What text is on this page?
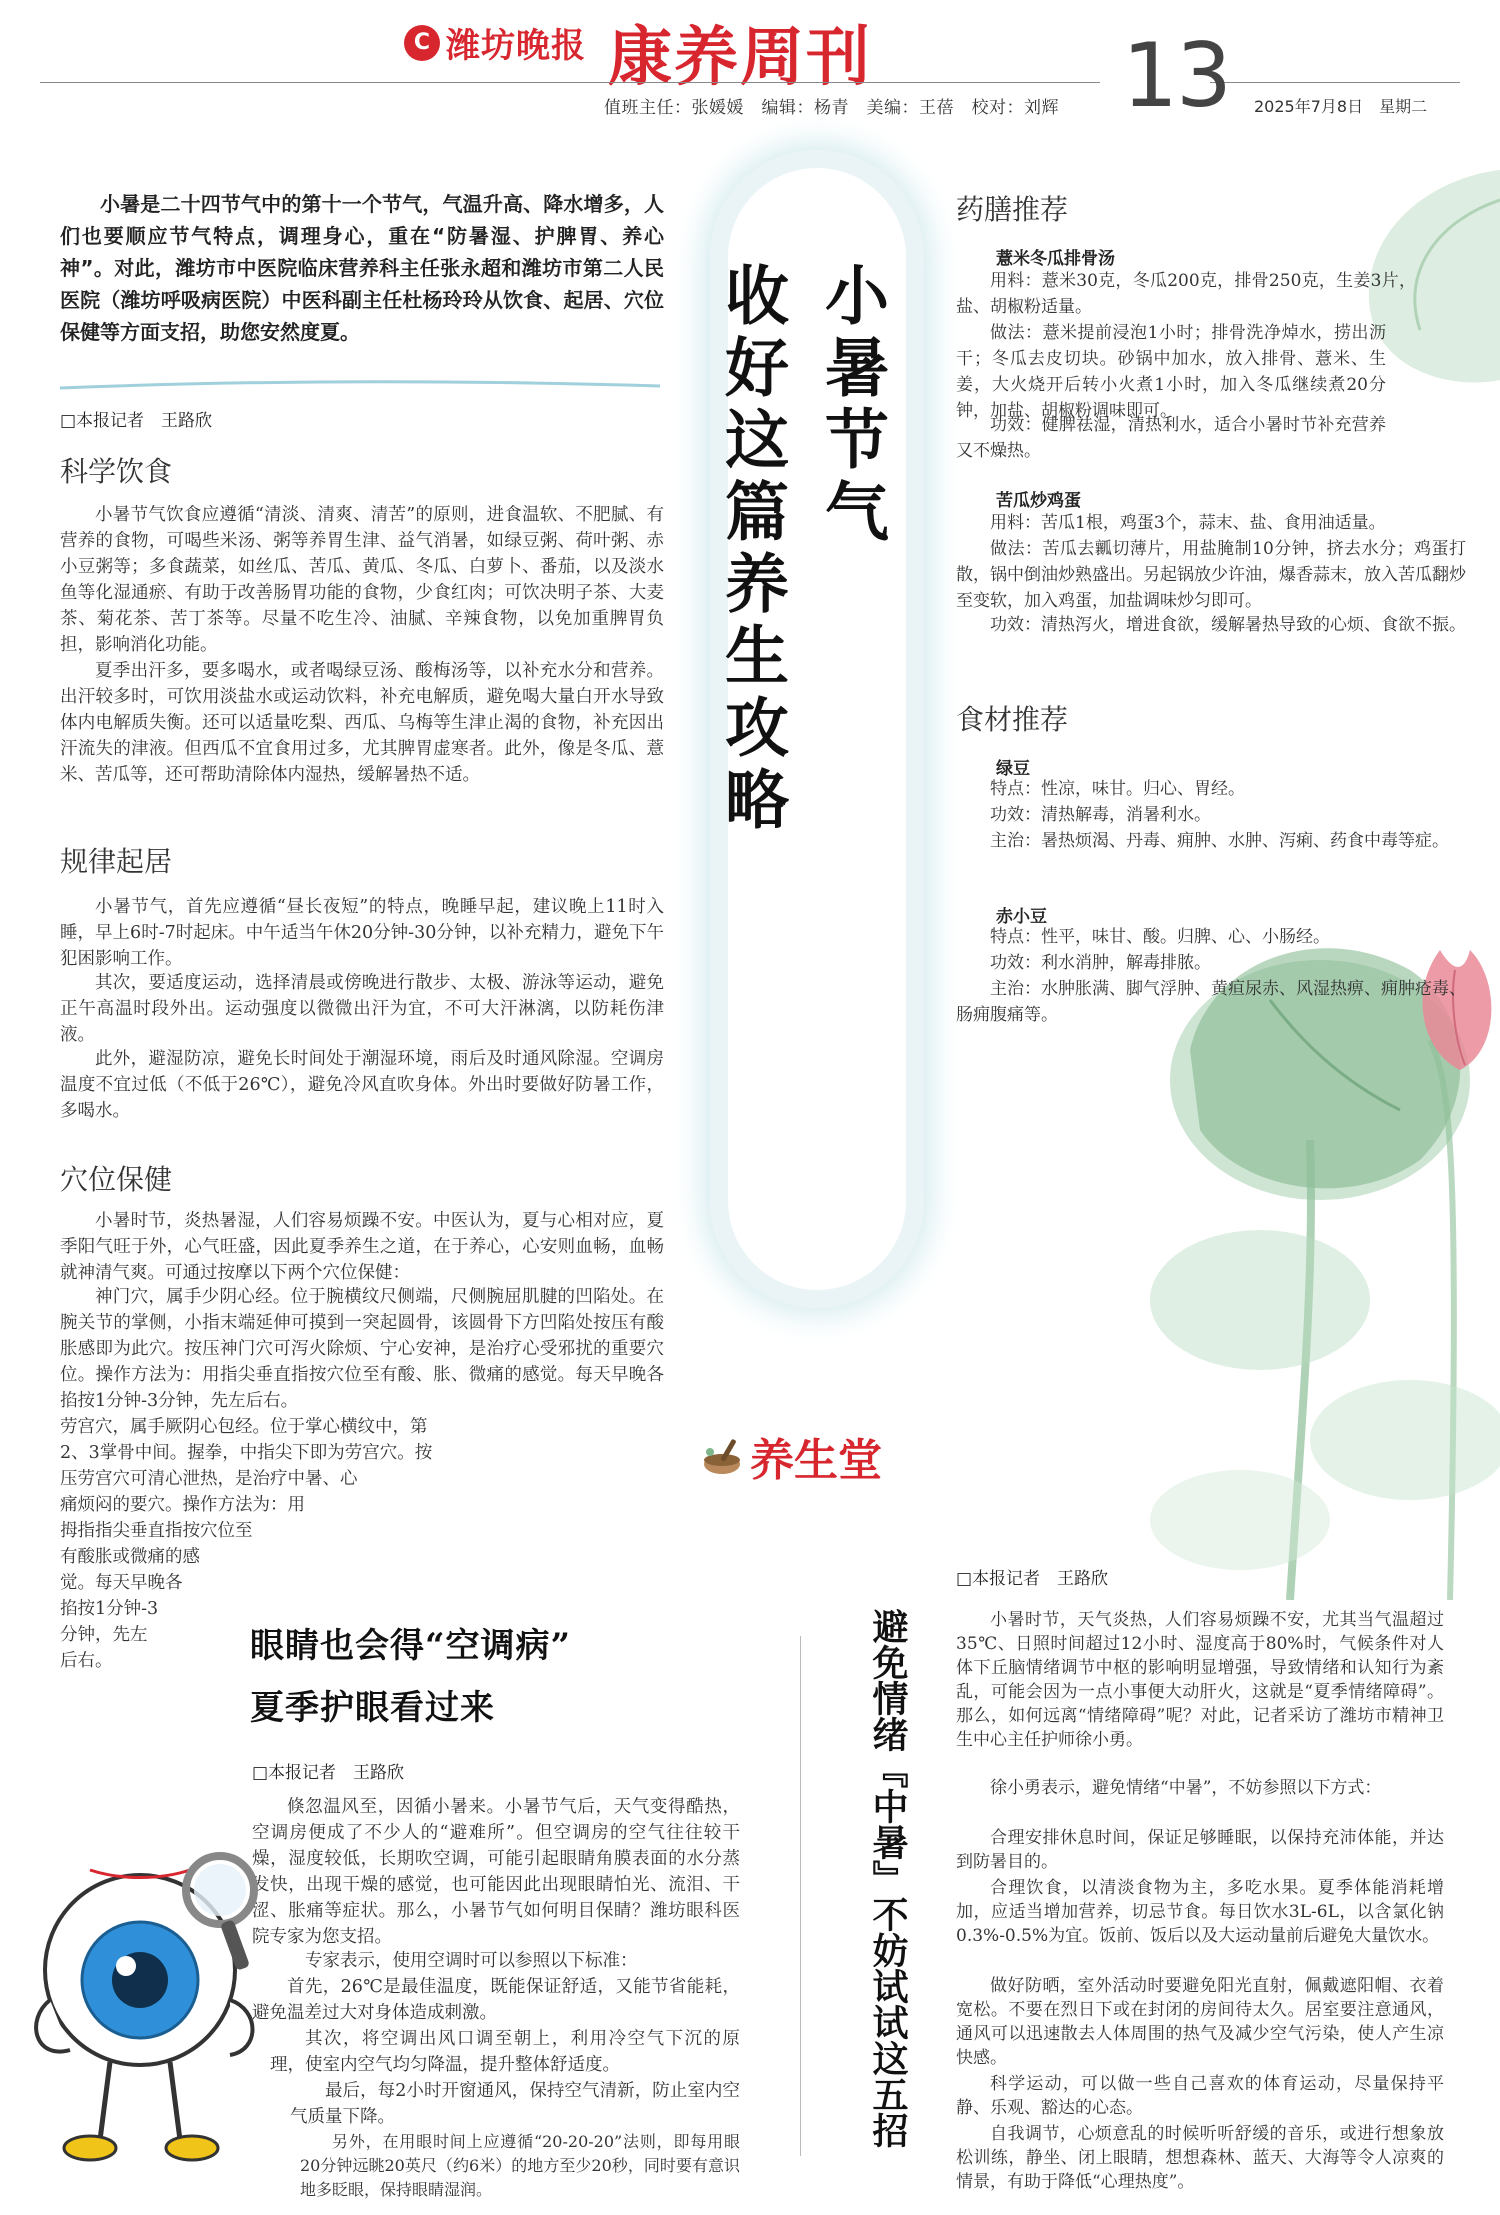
C 潍坊晚报 康养周刊
值班主任：张媛媛　编辑：杨青　美编：王蓓　校对：刘辉 13 2025年7月8日　星期二
小暑节气
收好这篇养生攻略
小暑是二十四节气中的第十一个节气，气温升高、降水增多，人们也要顺应节气特点，调理身心，重在“防暑湿、护脾胃、养心神”。对此，潍坊市中医院临床营养科主任张永超和潍坊市第二人民医院（潍坊呼吸病医院）中医科副主任杜杨玲玲从饮食、起居、穴位保健等方面支招，助您安然度夏。
□本报记者　王路欣
科学饮食
小暑节气饮食应遵循“清淡、清爽、清苦”的原则，进食温软、不肥腻、有营养的食物，可喝些米汤、粥等养胃生津、益气消暑，如绿豆粥、荷叶粥、赤小豆粥等；多食蔬菜，如丝瓜、苦瓜、黄瓜、冬瓜、白萝卜、番茄，以及淡水鱼等化湿通瘀、有助于改善肠胃功能的食物，少食红肉；可饮决明子茶、大麦茶、菊花茶、苦丁茶等。尽量不吃生冷、油腻、辛辣食物，以免加重脾胃负担，影响消化功能。
夏季出汗多，要多喝水，或者喝绿豆汤、酸梅汤等，以补充水分和营养。出汗较多时，可饮用淡盐水或运动饮料，补充电解质，避免喝大量白开水导致体内电解质失衡。还可以适量吃梨、西瓜、乌梅等生津止渴的食物，补充因出汗流失的津液。但西瓜不宜食用过多，尤其脾胃虚寒者。此外，像是冬瓜、薏米、苦瓜等，还可帮助清除体内湿热，缓解暑热不适。
规律起居
小暑节气，首先应遵循“昼长夜短”的特点，晚睡早起，建议晚上11时入睡，早上6时-7时起床。中午适当午休20分钟-30分钟，以补充精力，避免下午犯困影响工作。
其次，要适度运动，选择清晨或傍晚进行散步、太极、游泳等运动，避免正午高温时段外出。运动强度以微微出汗为宜，不可大汗淋漓，以防耗伤津液。
此外，避湿防凉，避免长时间处于潮湿环境，雨后及时通风除湿。空调房温度不宜过低（不低于26℃），避免冷风直吹身体。外出时要做好防暑工作，多喝水。
穴位保健
小暑时节，炎热暑湿，人们容易烦躁不安。中医认为，夏与心相对应，夏季阳气旺于外，心气旺盛，因此夏季养生之道，在于养心，心安则血畅，血畅就神清气爽。可通过按摩以下两个穴位保健：
神门穴，属手少阴心经。位于腕横纹尺侧端，尺侧腕屈肌腱的凹陷处。在腕关节的掌侧，小指末端延伸可摸到一突起圆骨，该圆骨下方凹陷处按压有酸胀感即为此穴。按压神门穴可泻火除烦、宁心安神，是治疗心受邪扰的重要穴位。操作方法为：用指尖垂直指按穴位至有酸、胀、微痛的感觉。每天早晚各掐按1分钟-3分钟，先左后右。
劳宫穴，属手厥阴心包经。位于掌心横纹中，第
2、3掌骨中间。握拳，中指尖下即为劳宫穴。按
压劳宫穴可清心泄热，是治疗中暑、心
痛烦闷的要穴。操作方法为：用
拇指指尖垂直指按穴位至
有酸胀或微痛的感
觉。每天早晚各
掐按1分钟-3
分钟，先左
后右。
药膳推荐
薏米冬瓜排骨汤
用料：薏米30克，冬瓜200克，排骨250克，生姜3片，盐、胡椒粉适量。
做法：薏米提前浸泡1小时；排骨洗净焯水，捞出沥干；冬瓜去皮切块。砂锅中加水，放入排骨、薏米、生姜，大火烧开后转小火煮1小时，加入冬瓜继续煮20分钟，加盐、胡椒粉调味即可。
功效：健脾祛湿，清热利水，适合小暑时节补充营养又不燥热。
苦瓜炒鸡蛋
用料：苦瓜1根，鸡蛋3个，蒜末、盐、食用油适量。
做法：苦瓜去瓤切薄片，用盐腌制10分钟，挤去水分；鸡蛋打散，锅中倒油炒熟盛出。另起锅放少许油，爆香蒜末，放入苦瓜翻炒至变软，加入鸡蛋，加盐调味炒匀即可。
功效：清热泻火，增进食欲，缓解暑热导致的心烦、食欲不振。
食材推荐
绿豆
特点：性凉，味甘。归心、胃经。
功效：清热解毒，消暑利水。
主治：暑热烦渴、丹毒、痈肿、水肿、泻痢、药食中毒等症。
赤小豆
特点：性平，味甘、酸。归脾、心、小肠经。
功效：利水消肿，解毒排脓。
主治：水肿胀满、脚气浮肿、黄疸尿赤、风湿热痹、痈肿疮毒、肠痈腹痛等。
养生堂
眼睛也会得“空调病”
夏季护眼看过来
□本报记者　王路欣
倏忽温风至，因循小暑来。小暑节气后，天气变得酷热，空调房便成了不少人的“避难所”。但空调房的空气往往较干燥，湿度较低，长期吹空调，可能引起眼睛角膜表面的水分蒸发快，出现干燥的感觉，也可能因此出现眼睛怕光、流泪、干涩、胀痛等症状。那么，小暑节气如何明目保睛？潍坊眼科医院专家为您支招。
专家表示，使用空调时可以参照以下标准：
首先，26℃是最佳温度，既能保证舒适，又能节省能耗，避免温差过大对身体造成刺激。
其次，将空调出风口调至朝上，利用冷空气下沉的原理，使室内空气均匀降温，提升整体舒适度。
最后，每2小时开窗通风，保持空气清新，防止室内空气质量下降。
另外，在用眼时间上应遵循“20-20-20”法则，即每用眼20分钟远眺20英尺（约6米）的地方至少20秒，同时要有意识地多眨眼，保持眼睛湿润。
避免情绪『中暑』不妨试试这五招
□本报记者　王路欣
小暑时节，天气炎热，人们容易烦躁不安，尤其当气温超过35℃、日照时间超过12小时、湿度高于80%时，气候条件对人体下丘脑情绪调节中枢的影响明显增强，导致情绪和认知行为紊乱，可能会因为一点小事便大动肝火，这就是“夏季情绪障碍”。那么，如何远离“情绪障碍”呢？对此，记者采访了潍坊市精神卫生中心主任护师徐小勇。
徐小勇表示，避免情绪“中暑”，不妨参照以下方式：
合理安排休息时间，保证足够睡眠，以保持充沛体能，并达到防暑目的。
合理饮食，以清淡食物为主，多吃水果。夏季体能消耗增加，应适当增加营养，切忌节食。每日饮水3L-6L，以含氯化钠0.3%-0.5%为宜。饭前、饭后以及大运动量前后避免大量饮水。
做好防晒，室外活动时要避免阳光直射，佩戴遮阳帽、衣着宽松。不要在烈日下或在封闭的房间待太久。居室要注意通风，通风可以迅速散去人体周围的热气及减少空气污染，使人产生凉快感。
科学运动，可以做一些自己喜欢的体育运动，尽量保持平静、乐观、豁达的心态。
自我调节，心烦意乱的时候听听舒缓的音乐，或进行想象放松训练，静坐、闭上眼睛，想想森林、蓝天、大海等令人凉爽的情景，有助于降低“心理热度”。
